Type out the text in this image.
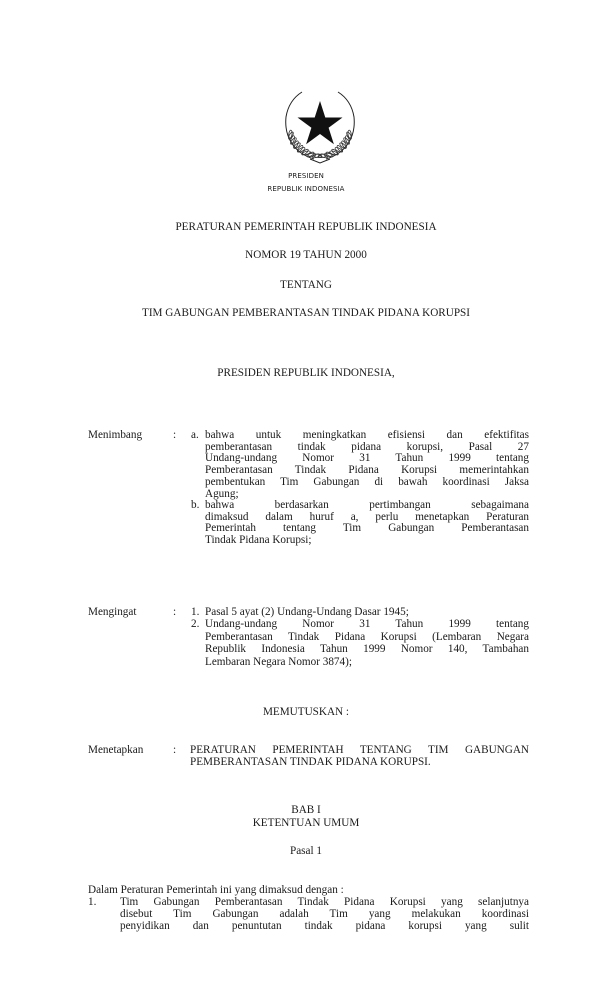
PRESIDEN
REPUBLIK INDONESIA
PERATURAN PEMERINTAH REPUBLIK INDONESIA
NOMOR 19 TAHUN 2000
TENTANG
TIM GABUNGAN PEMBERANTASAN TINDAK PIDANA KORUPSI
PRESIDEN REPUBLIK INDONESIA,
Menimbang	: a. bahwa untuk meningkatkan efisiensi dan efektifitas
pemberantasan tindak pidana korupsi, Pasal 27
Undang-undang Nomor 31 Tahun 1999 tentang
Pemberantasan Tindak Pidana Korupsi memerintahkan
pembentukan Tim Gabungan di bawah koordinasi Jaksa
Agung;
b. bahwa berdasarkan pertimbangan sebagaimana
dimaksud dalam huruf a, perlu menetapkan Peraturan
Pemerintah tentang Tim Gabungan Pemberantasan
Tindak Pidana Korupsi;
Mengingat	: 1. Pasal 5 ayat (2) Undang-Undang Dasar 1945;
2. Undang-undang Nomor 31 Tahun 1999 tentang
Pemberantasan Tindak Pidana Korupsi (Lembaran Negara
Republik Indonesia Tahun 1999 Nomor 140, Tambahan
Lembaran Negara Nomor 3874);
MEMUTUSKAN :
Menetapkan	: PERATURAN PEMERINTAH TENTANG TIM GABUNGAN
PEMBERANTASAN TINDAK PIDANA KORUPSI.
BAB I
KETENTUAN UMUM
Pasal 1
Dalam Peraturan Pemerintah ini yang dimaksud dengan :
1. Tim Gabungan Pemberantasan Tindak Pidana Korupsi yang selanjutnya
disebut Tim Gabungan adalah Tim yang melakukan koordinasi
penyidikan dan penuntutan tindak pidana korupsi yang sulit
